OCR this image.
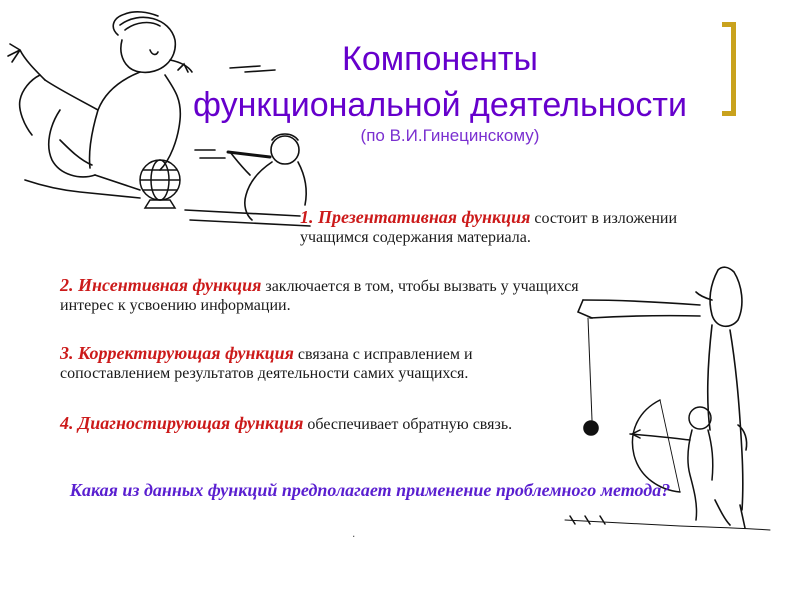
Компоненты
функциональной деятельности
(по В.И.Гинецинскому)
1. Презентативная функция состоит в изложении учащимся содержания материала.
2. Инсентивная функция заключается в том, чтобы вызвать у учащихся интерес к усвоению информации.
3. Корректирующая функция связана с исправлением и сопоставлением результатов деятельности самих учащихся.
4. Диагностирующая функция обеспечивает обратную связь.
Какая из данных функций предполагает применение проблемного метода?
.
